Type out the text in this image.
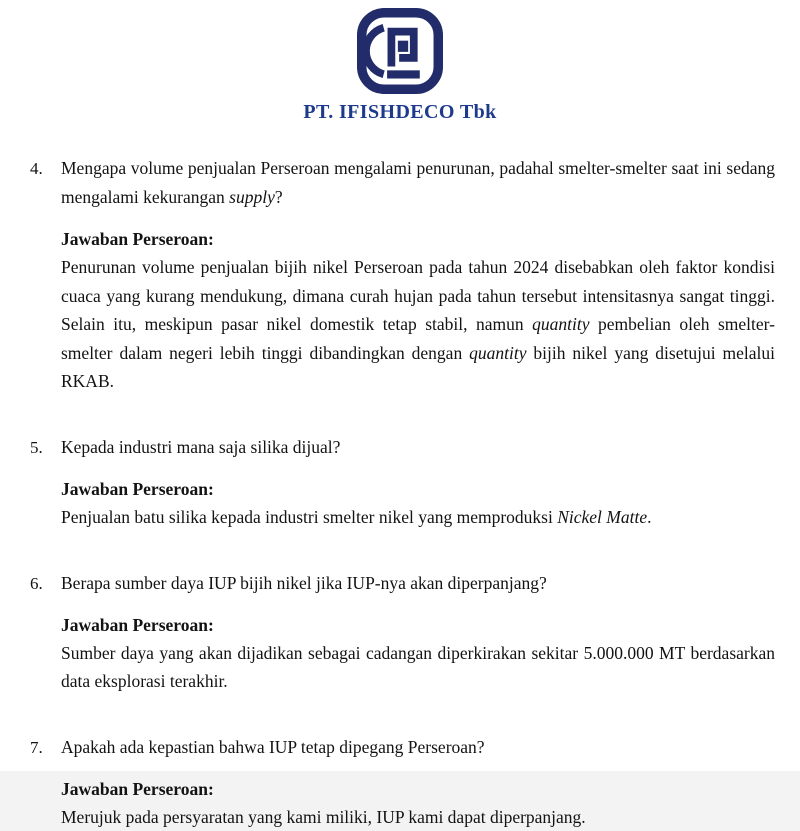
PT. IFISHDECO Tbk
4.	Mengapa volume penjualan Perseroan mengalami penurunan, padahal smelter-smelter saat ini sedang mengalami kekurangan supply?
Jawaban Perseroan:
Penurunan volume penjualan bijih nikel Perseroan pada tahun 2024 disebabkan oleh faktor kondisi cuaca yang kurang mendukung, dimana curah hujan pada tahun tersebut intensitasnya sangat tinggi. Selain itu, meskipun pasar nikel domestik tetap stabil, namun quantity pembelian oleh smelter-smelter dalam negeri lebih tinggi dibandingkan dengan quantity bijih nikel yang disetujui melalui RKAB.
5.	Kepada industri mana saja silika dijual?
Jawaban Perseroan:
Penjualan batu silika kepada industri smelter nikel yang memproduksi Nickel Matte.
6.	Berapa sumber daya IUP bijih nikel jika IUP-nya akan diperpanjang?
Jawaban Perseroan:
Sumber daya yang akan dijadikan sebagai cadangan diperkirakan sekitar 5.000.000 MT berdasarkan data eksplorasi terakhir.
7.	Apakah ada kepastian bahwa IUP tetap dipegang Perseroan?
Jawaban Perseroan:
Merujuk pada persyaratan yang kami miliki, IUP kami dapat diperpanjang.
